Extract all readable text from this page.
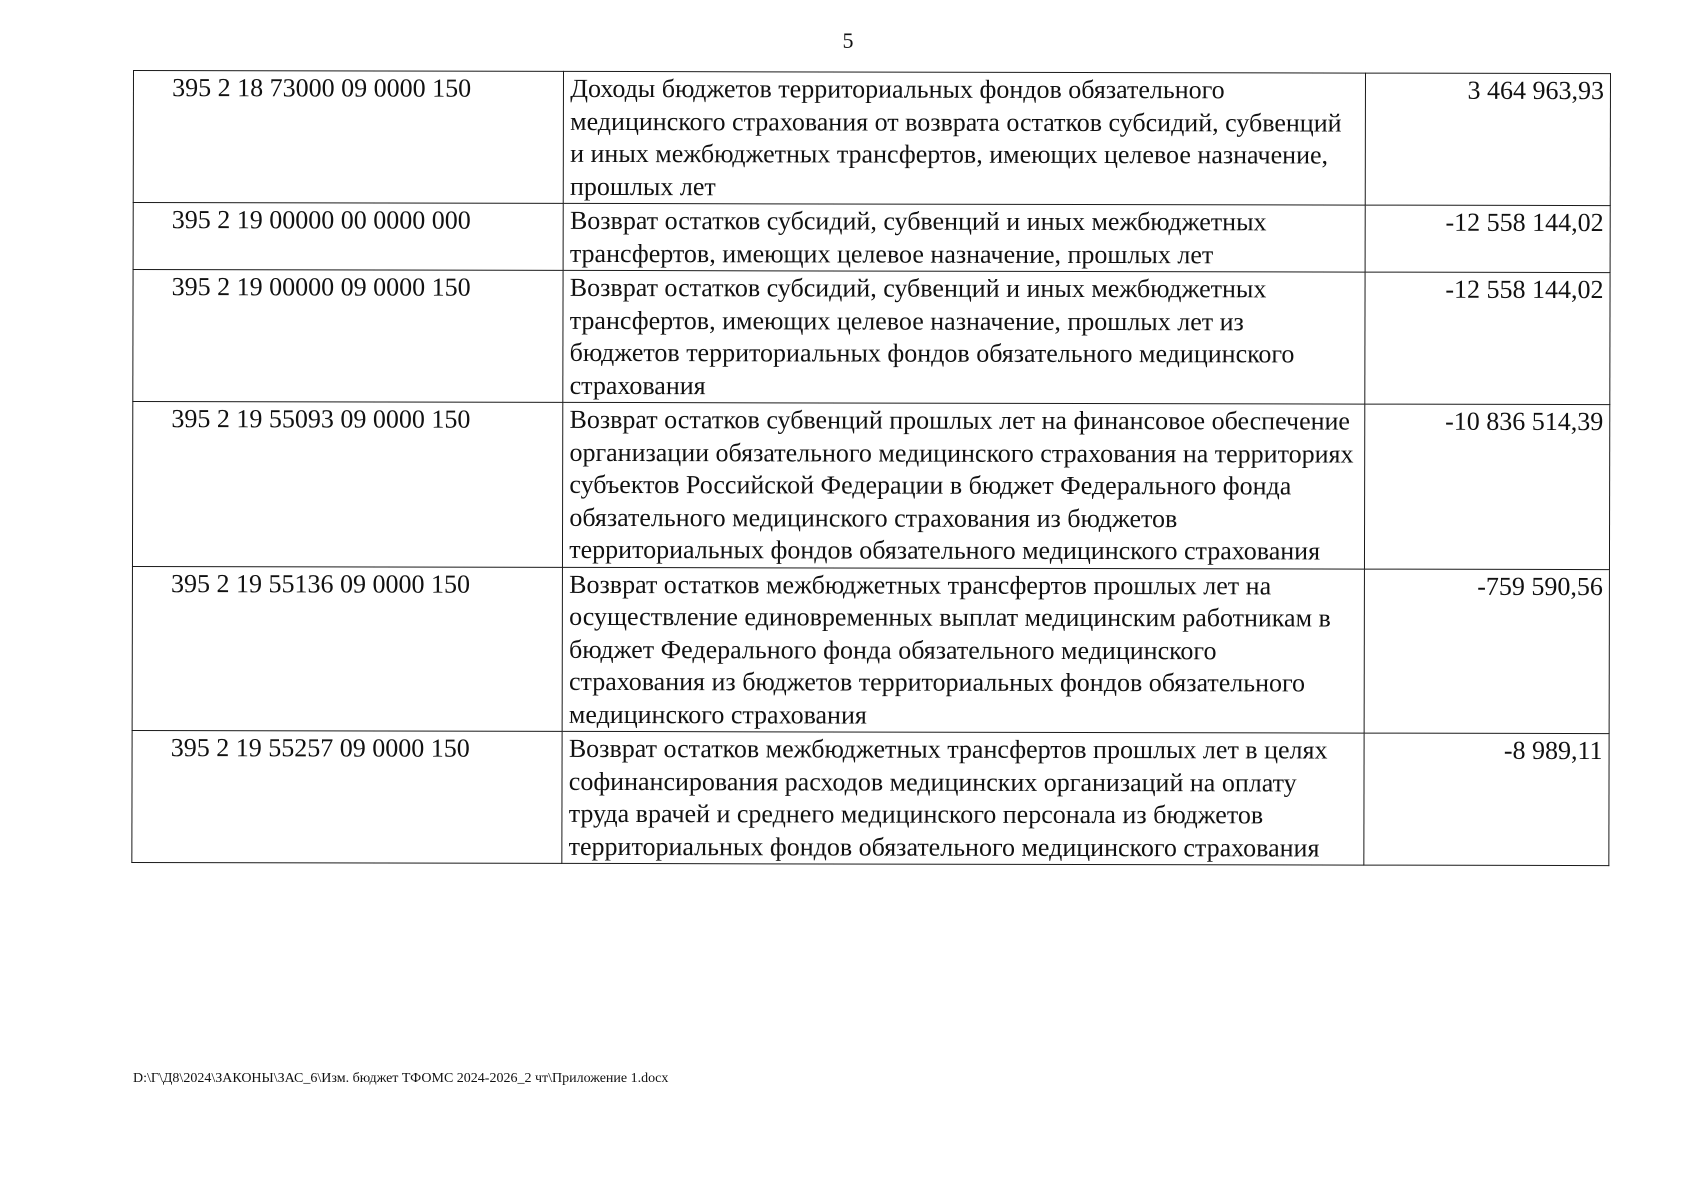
5
395 2 18 73000 09 0000 150	Доходы бюджетов территориальных фондов обязательного медицинского страхования от возврата остатков субсидий, субвенций и иных межбюджетных трансфертов, имеющих целевое назначение, прошлых лет	3 464 963,93
395 2 19 00000 00 0000 000	Возврат остатков субсидий, субвенций и иных межбюджетных трансфертов, имеющих целевое назначение, прошлых лет	-12 558 144,02
395 2 19 00000 09 0000 150	Возврат остатков субсидий, субвенций и иных межбюджетных трансфертов, имеющих целевое назначение, прошлых лет из бюджетов территориальных фондов обязательного медицинского страхования	-12 558 144,02
395 2 19 55093 09 0000 150	Возврат остатков субвенций прошлых лет на финансовое обеспечение организации обязательного медицинского страхования на территориях субъектов Российской Федерации в бюджет Федерального фонда обязательного медицинского страхования из бюджетов территориальных фондов обязательного медицинского страхования	-10 836 514,39
395 2 19 55136 09 0000 150	Возврат остатков межбюджетных трансфертов прошлых лет на осуществление единовременных выплат медицинским работникам в бюджет Федерального фонда обязательного медицинского страхования из бюджетов территориальных фондов обязательного медицинского страхования	-759 590,56
395 2 19 55257 09 0000 150	Возврат остатков межбюджетных трансфертов прошлых лет в целях софинансирования расходов медицинских организаций на оплату труда врачей и среднего медицинского персонала из бюджетов территориальных фондов обязательного медицинского страхования	-8 989,11
D:\Г\Д8\2024\ЗАКОНЫ\ЗАС_6\Изм. бюджет ТФОМС 2024-2026_2 чт\Приложение 1.docx
